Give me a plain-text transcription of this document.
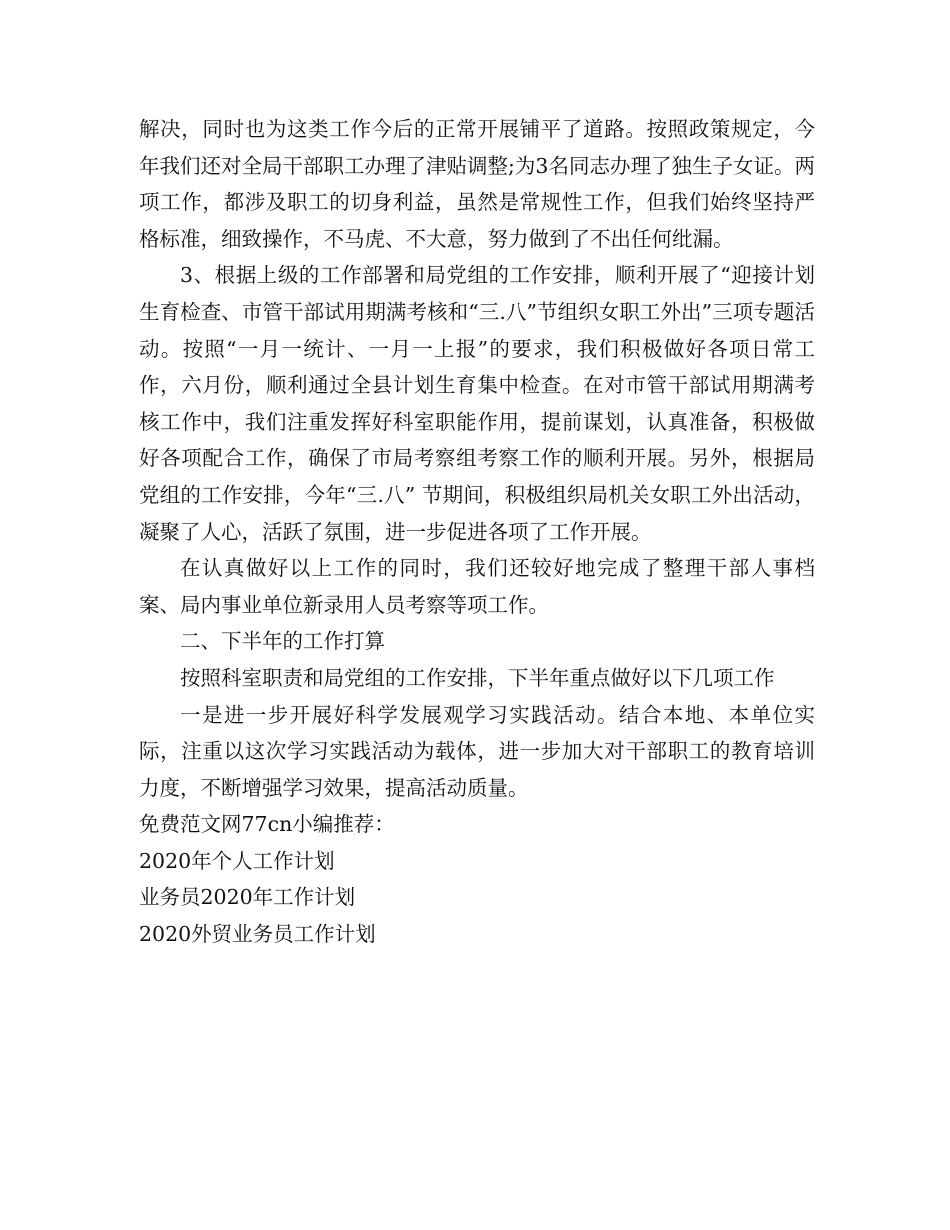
解决，同时也为这类工作今后的正常开展铺平了道路。按照政策规定，今年我们还对全局干部职工办理了津贴调整;为3名同志办理了独生子女证。两项工作，都涉及职工的切身利益，虽然是常规性工作，但我们始终坚持严格标准，细致操作，不马虎、不大意，努力做到了不出任何纰漏。

3、根据上级的工作部署和局党组的工作安排，顺利开展了“迎接计划生育检查、市管干部试用期满考核和“三.八”节组织女职工外出”三项专题活动。按照“一月一统计、一月一上报”的要求，我们积极做好各项日常工作，六月份，顺利通过全县计划生育集中检查。在对市管干部试用期满考核工作中，我们注重发挥好科室职能作用，提前谋划，认真准备，积极做好各项配合工作，确保了市局考察组考察工作的顺利开展。另外，根据局党组的工作安排，今年“三.八” 节期间，积极组织局机关女职工外出活动，凝聚了人心，活跃了氛围，进一步促进各项了工作开展。

在认真做好以上工作的同时，我们还较好地完成了整理干部人事档案、局内事业单位新录用人员考察等项工作。

二、下半年的工作打算

按照科室职责和局党组的工作安排，下半年重点做好以下几项工作

一是进一步开展好科学发展观学习实践活动。结合本地、本单位实际，注重以这次学习实践活动为载体，进一步加大对干部职工的教育培训力度，不断增强学习效果，提高活动质量。

免费范文网77cn小编推荐：

2020年个人工作计划

业务员2020年工作计划

2020外贸业务员工作计划
